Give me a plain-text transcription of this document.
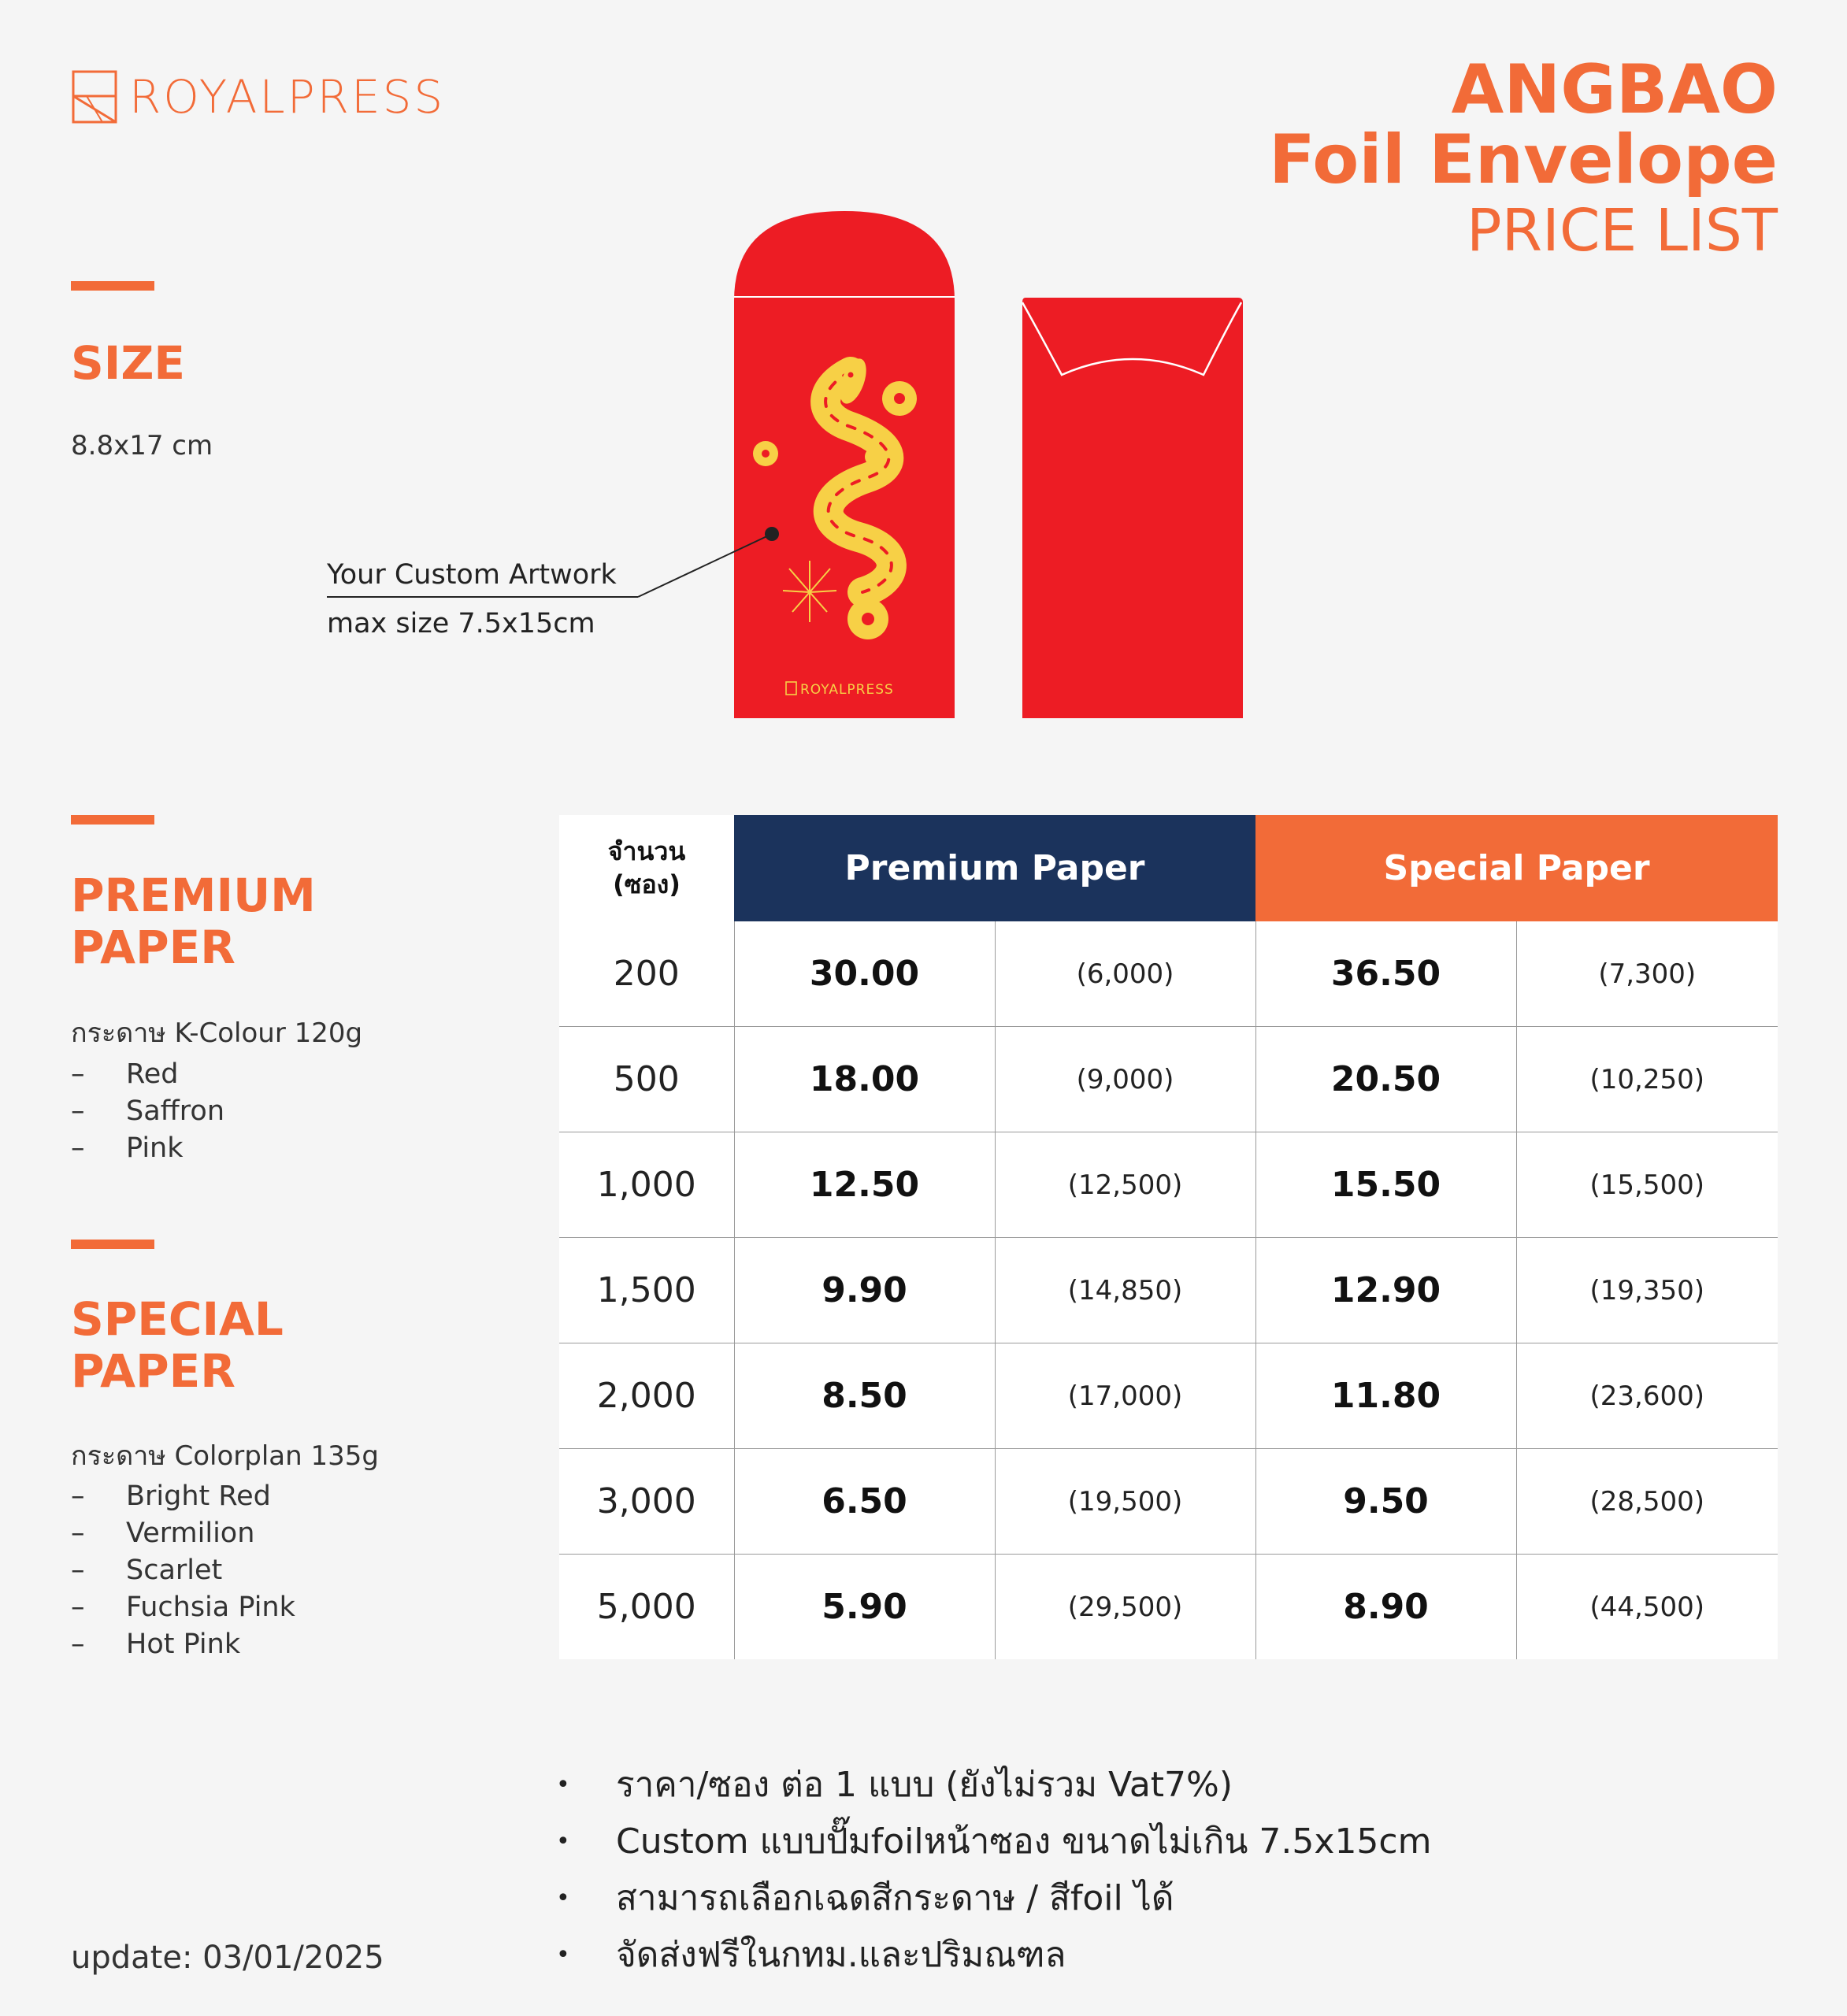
ROYALPRESS	ANGBAO
Foil Envelope
PRICE LIST
SIZE
8.8x17 cm
ROYALPRESS
Your Custom Artwork
max size 7.5x15cm
PREMIUM
PAPER
กระดาษ K-Colour 120g
–	Red
–	Saffron
–	Pink
SPECIAL
PAPER
กระดาษ Colorplan 135g
–	Bright Red
–	Vermilion
–	Scarlet
–	Fuchsia Pink
–	Hot Pink
จำนวน
(ซอง)	Premium Paper		Special Paper	
200	30.00	(6,000)	36.50	(7,300)
500	18.00	(9,000)	20.50	(10,250)
1,000	12.50	(12,500)	15.50	(15,500)
1,500	9.90	(14,850)	12.90	(19,350)
2,000	8.50	(17,000)	11.80	(23,600)
3,000	6.50	(19,500)	9.50	(28,500)
5,000	5.90	(29,500)	8.90	(44,500)
•	ราคา/ซอง ต่อ 1 แบบ (ยังไม่รวม Vat7%)
•	Custom แบบปั๊มfoilหน้าซอง ขนาดไม่เกิน 7.5x15cm
•	สามารถเลือกเฉดสีกระดาษ / สีfoil ได้
•	จัดส่งฟรีในกทม.และปริมณฑล
update: 03/01/2025
